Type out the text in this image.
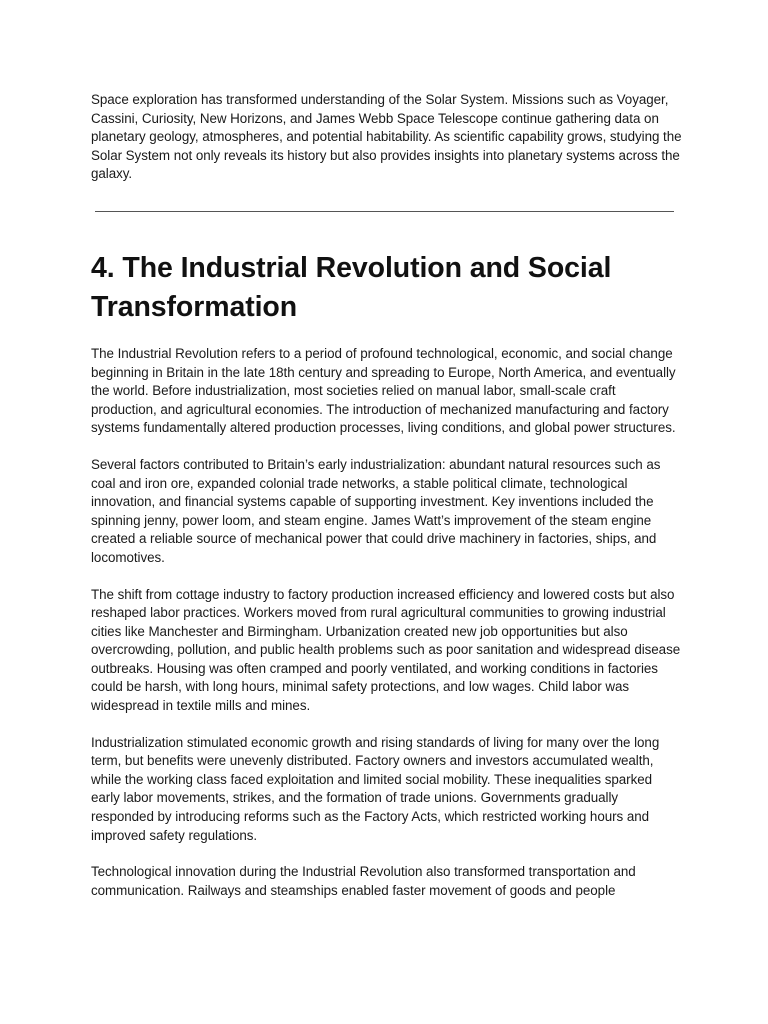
Space exploration has transformed understanding of the Solar System. Missions such as Voyager, Cassini, Curiosity, New Horizons, and James Webb Space Telescope continue gathering data on planetary geology, atmospheres, and potential habitability. As scientific capability grows, studying the Solar System not only reveals its history but also provides insights into planetary systems across the galaxy.

4. The Industrial Revolution and Social Transformation

The Industrial Revolution refers to a period of profound technological, economic, and social change beginning in Britain in the late 18th century and spreading to Europe, North America, and eventually the world. Before industrialization, most societies relied on manual labor, small-scale craft production, and agricultural economies. The introduction of mechanized manufacturing and factory systems fundamentally altered production processes, living conditions, and global power structures.

Several factors contributed to Britain’s early industrialization: abundant natural resources such as coal and iron ore, expanded colonial trade networks, a stable political climate, technological innovation, and financial systems capable of supporting investment. Key inventions included the spinning jenny, power loom, and steam engine. James Watt’s improvement of the steam engine created a reliable source of mechanical power that could drive machinery in factories, ships, and locomotives.

The shift from cottage industry to factory production increased efficiency and lowered costs but also reshaped labor practices. Workers moved from rural agricultural communities to growing industrial cities like Manchester and Birmingham. Urbanization created new job opportunities but also overcrowding, pollution, and public health problems such as poor sanitation and widespread disease outbreaks. Housing was often cramped and poorly ventilated, and working conditions in factories could be harsh, with long hours, minimal safety protections, and low wages. Child labor was widespread in textile mills and mines.

Industrialization stimulated economic growth and rising standards of living for many over the long term, but benefits were unevenly distributed. Factory owners and investors accumulated wealth, while the working class faced exploitation and limited social mobility. These inequalities sparked early labor movements, strikes, and the formation of trade unions. Governments gradually responded by introducing reforms such as the Factory Acts, which restricted working hours and improved safety regulations.

Technological innovation during the Industrial Revolution also transformed transportation and communication. Railways and steamships enabled faster movement of goods and people
